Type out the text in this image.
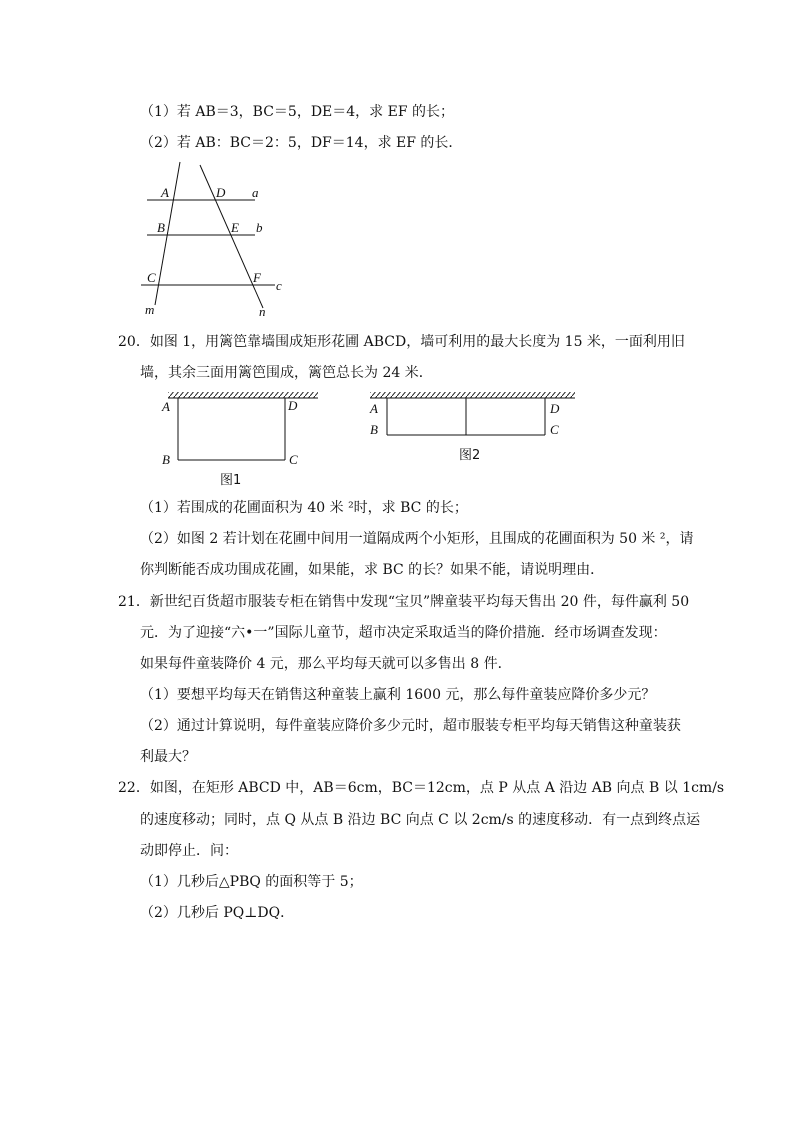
（1）若 AB＝3，BC＝5，DE＝4，求 EF 的长；
（2）若 AB：BC＝2：5，DF＝14，求 EF 的长．
A
B
C
D
E
F
a
b
c
m	n
20．如图 1，用篱笆靠墙围成矩形花圃 ABCD，墙可利用的最大长度为 15 米，一面利用旧
墙，其余三面用篱笆围成，篱笆总长为 24 米．
A
B	C
D
图1
A
B	C
D
图2
（1）若围成的花圃面积为 40 米 ²时，求 BC 的长；
（2）如图 2 若计划在花圃中间用一道隔成两个小矩形，且围成的花圃面积为 50 米 ²，请
你判断能否成功围成花圃，如果能，求 BC 的长？如果不能，请说明理由．
21．新世纪百货超市服装专柜在销售中发现“宝贝”牌童装平均每天售出 20 件，每件赢利 50
元．为了迎接“六•一”国际儿童节，超市决定采取适当的降价措施．经市场调查发现：
如果每件童装降价 4 元，那么平均每天就可以多售出 8 件．
（1）要想平均每天在销售这种童装上赢利 1600 元，那么每件童装应降价多少元？
（2）通过计算说明，每件童装应降价多少元时，超市服装专柜平均每天销售这种童装获
利最大？
22．如图，在矩形 ABCD 中，AB＝6cm，BC＝12cm，点 P 从点 A 沿边 AB 向点 B 以 1cm/s
的速度移动；同时，点 Q 从点 B 沿边 BC 向点 C 以 2cm/s 的速度移动．有一点到终点运
动即停止．问：
（1）几秒后△PBQ 的面积等于 5；
（2）几秒后 PQ⊥DQ．
